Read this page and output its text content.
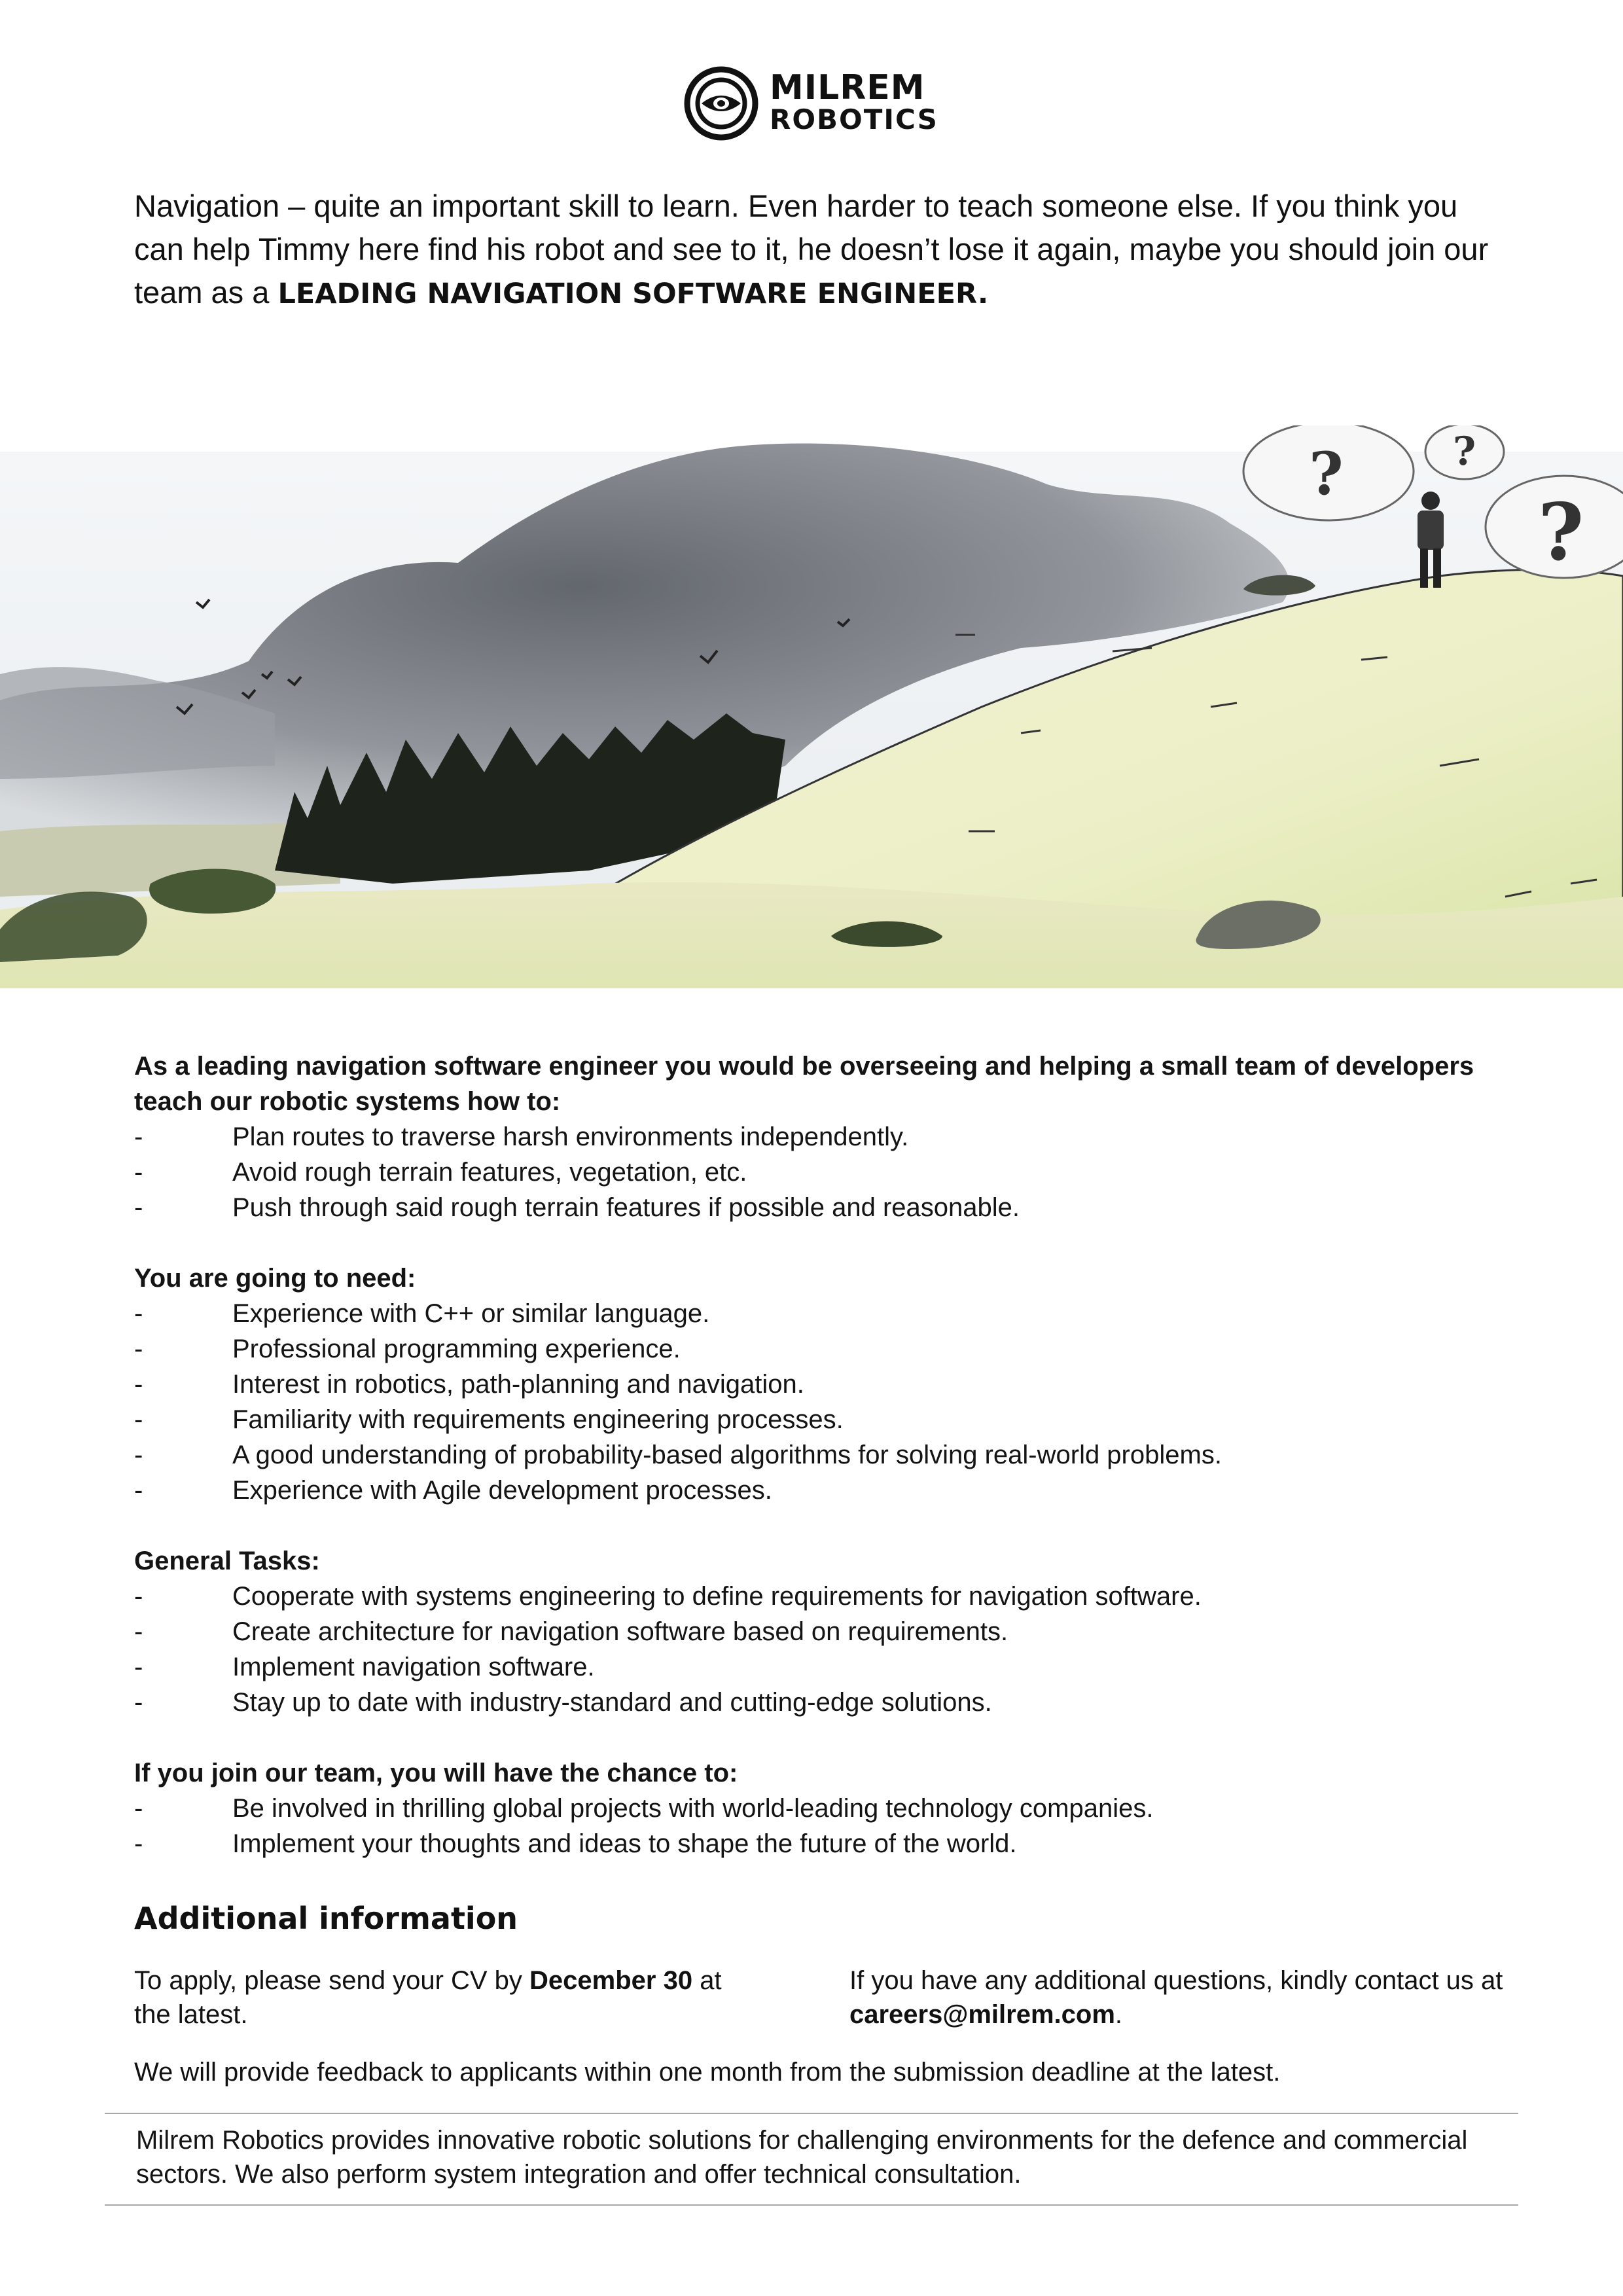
MILREM
ROBOTICS
Navigation – quite an important skill to learn. Even harder to teach someone else. If you think you can help Timmy here find his robot and see to it, he doesn’t lose it again, maybe you should join our team as a LEADING NAVIGATION SOFTWARE ENGINEER.
?	?
?
As a leading navigation software engineer you would be overseeing and helping a small team of developers teach our robotic systems how to:
-	Plan routes to traverse harsh environments independently.
-	Avoid rough terrain features, vegetation, etc.
-	Push through said rough terrain features if possible and reasonable.
You are going to need:
-	Experience with C++ or similar language.
-	Professional programming experience.
-	Interest in robotics, path-planning and navigation.
-	Familiarity with requirements engineering processes.
-	A good understanding of probability-based algorithms for solving real-world problems.
-	Experience with Agile development processes.
General Tasks:
-	Cooperate with systems engineering to define requirements for navigation software.
-	Create architecture for navigation software based on requirements.
-	Implement navigation software.
-	Stay up to date with industry-standard and cutting-edge solutions.
If you join our team, you will have the chance to:
-	Be involved in thrilling global projects with world-leading technology companies.
-	Implement your thoughts and ideas to shape the future of the world.
Additional information
To apply, please send your CV by December 30 at the latest.
If you have any additional questions, kindly contact us at careers@milrem.com.
We will provide feedback to applicants within one month from the submission deadline at the latest.
Milrem Robotics provides innovative robotic solutions for challenging environments for the defence and commercial sectors. We also perform system integration and offer technical consultation.
